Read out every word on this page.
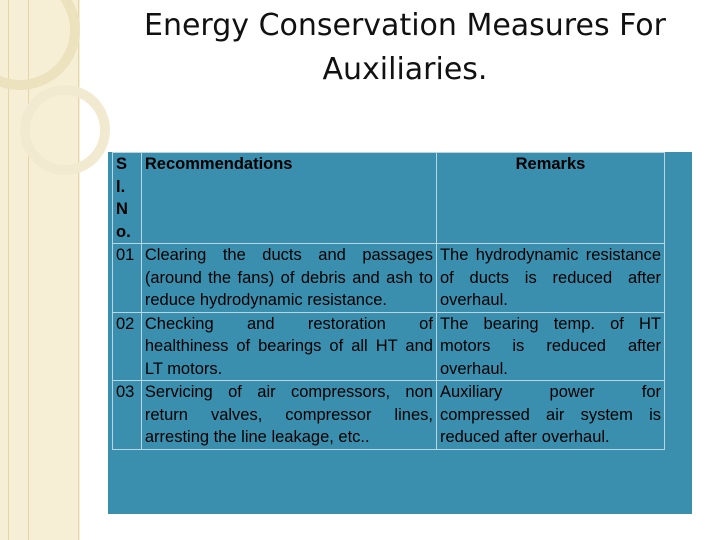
Energy Conservation Measures For
Auxiliaries.
Sl. No.	Recommendations	Remarks
01	Clearing the ducts and passages (around the fans) of debris and ash to reduce hydrodynamic resistance.	The hydrodynamic resistance of ducts is reduced after overhaul.
02	Checking and restoration of healthiness of bearings of all HT and LT motors.	The bearing temp. of HT motors is reduced after overhaul.
03	Servicing of air compressors, non return valves, compressor lines, arresting the line leakage, etc..	Auxiliary power for compressed air system is reduced after overhaul.
